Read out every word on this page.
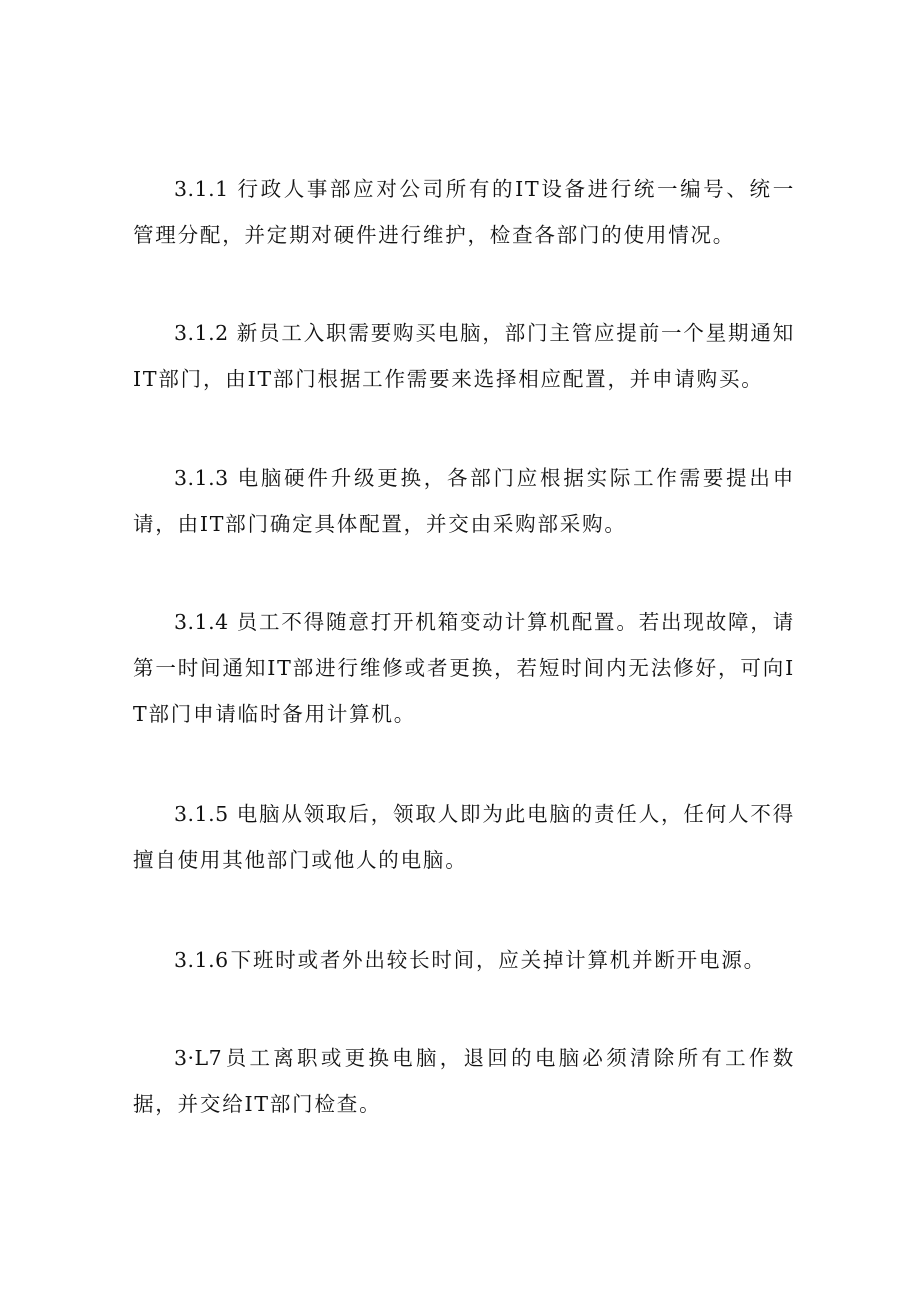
3.1.1 行政人事部应对公司所有的IT设备进行统一编号、统一管理分配，并定期对硬件进行维护，检查各部门的使用情况。

3.1.2 新员工入职需要购买电脑，部门主管应提前一个星期通知IT部门，由IT部门根据工作需要来选择相应配置，并申请购买。

3.1.3 电脑硬件升级更换，各部门应根据实际工作需要提出申请，由IT部门确定具体配置，并交由采购部采购。

3.1.4 员工不得随意打开机箱变动计算机配置。若出现故障，请第一时间通知IT部进行维修或者更换，若短时间内无法修好，可向IT部门申请临时备用计算机。

3.1.5 电脑从领取后，领取人即为此电脑的责任人，任何人不得擅自使用其他部门或他人的电脑。

3.1.6下班时或者外出较长时间，应关掉计算机并断开电源。

3·L7员工离职或更换电脑，退回的电脑必须清除所有工作数据，并交给IT部门检查。
